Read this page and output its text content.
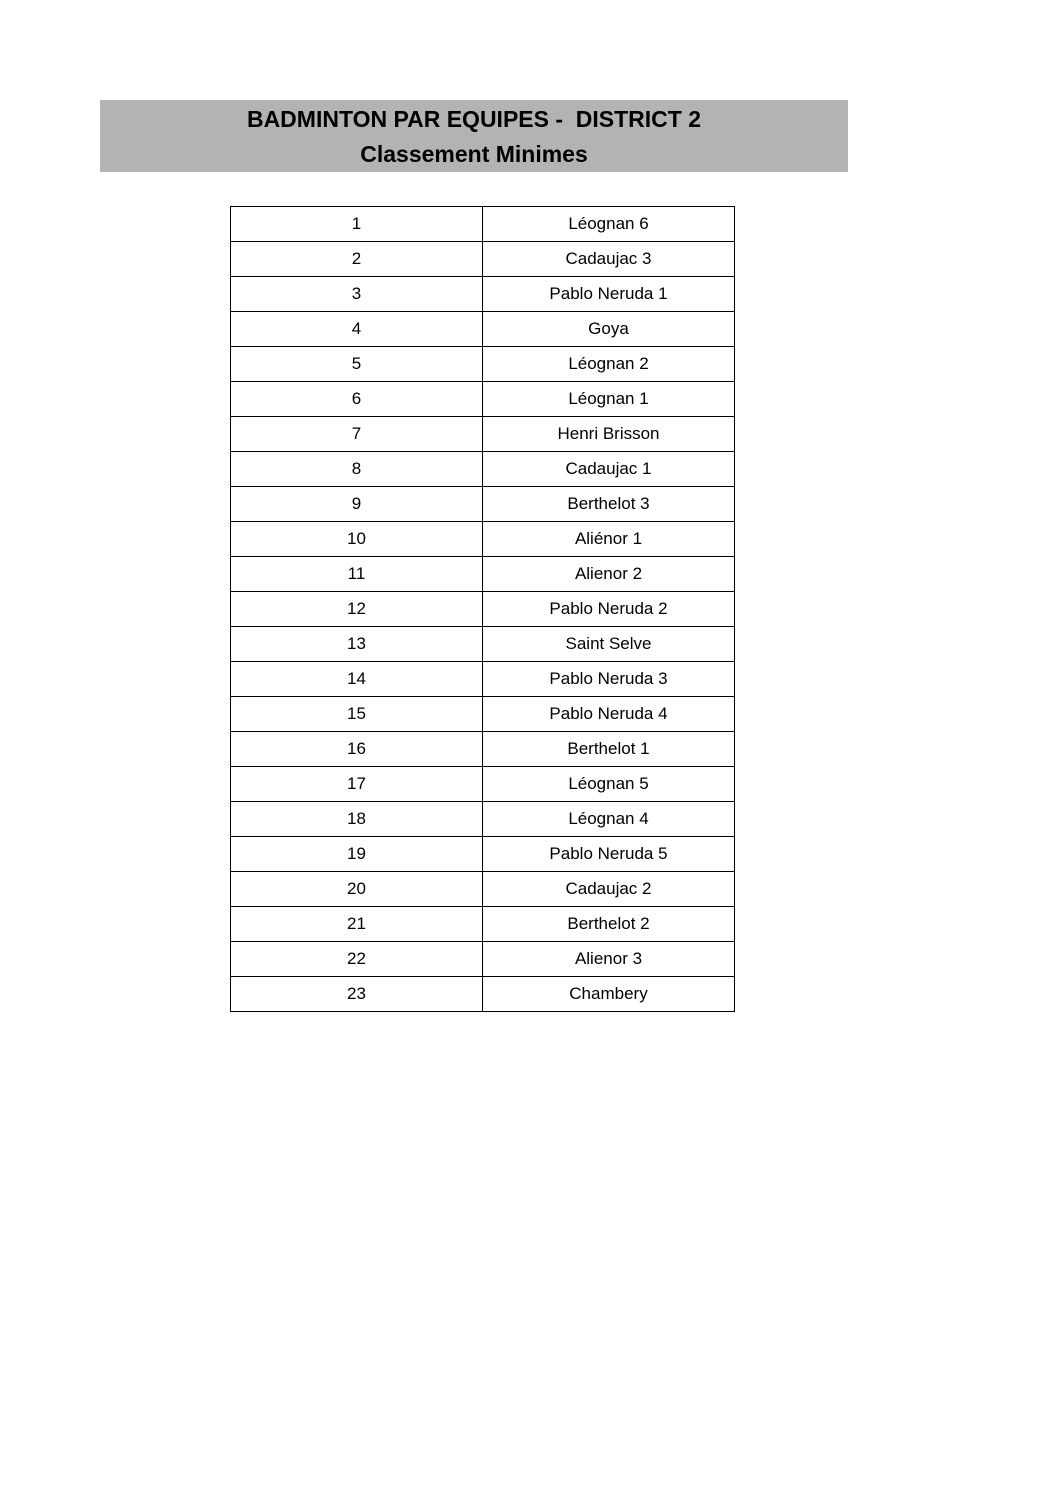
BADMINTON PAR EQUIPES -  DISTRICT 2
Classement Minimes
1	Léognan 6
2	Cadaujac 3
3	Pablo Neruda 1
4	Goya
5	Léognan 2
6	Léognan 1
7	Henri Brisson
8	Cadaujac 1
9	Berthelot 3
10	Aliénor 1
11	Alienor 2
12	Pablo Neruda 2
13	Saint Selve
14	Pablo Neruda 3
15	Pablo Neruda 4
16	Berthelot 1
17	Léognan 5
18	Léognan 4
19	Pablo Neruda 5
20	Cadaujac 2
21	Berthelot 2
22	Alienor 3
23	Chambery
